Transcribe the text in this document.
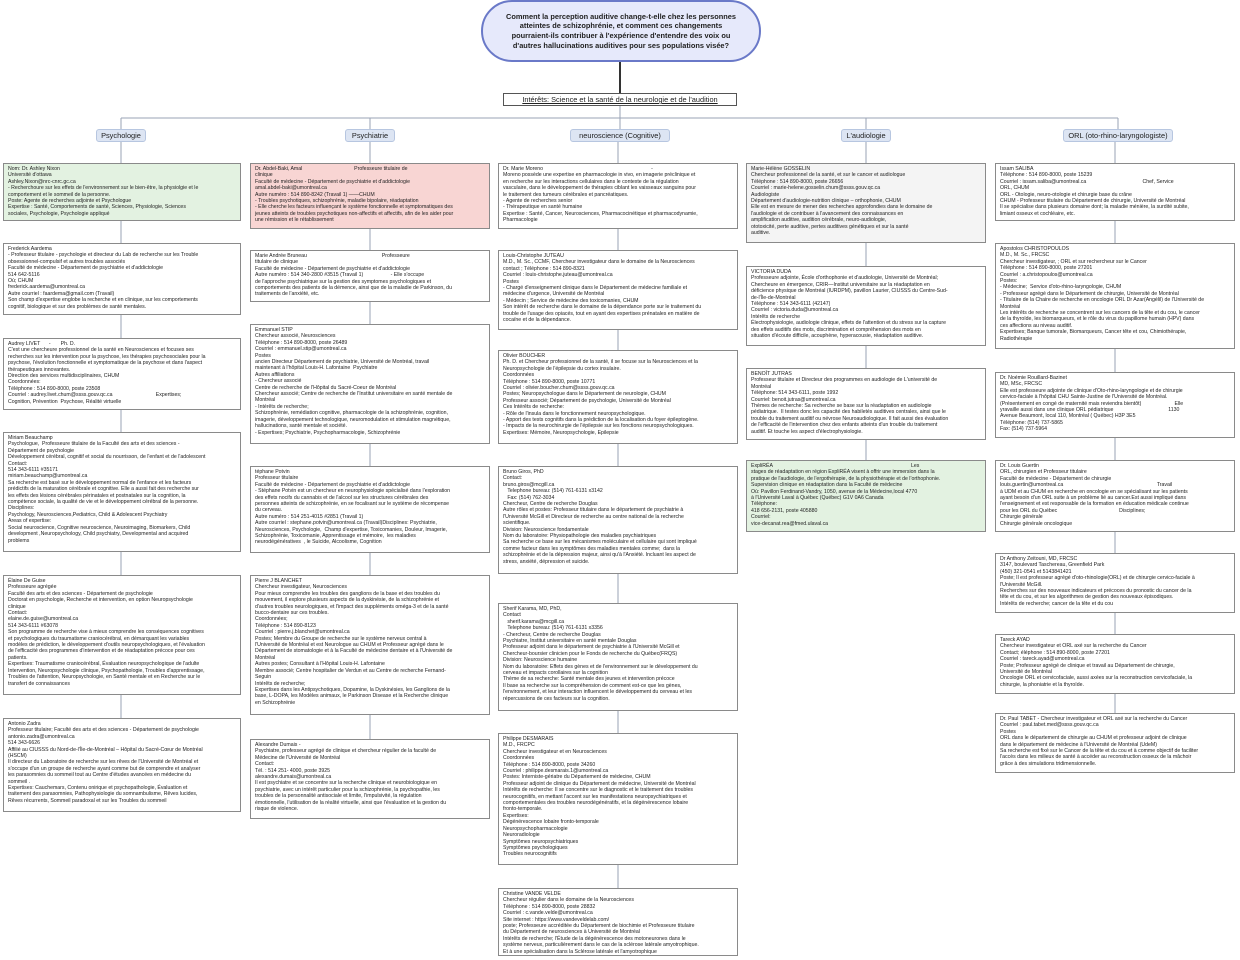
Comment la perception auditive change-t-elle chez les personnes atteintes de schizophrénie, et comment ces changements pourraient-ils contribuer à l'expérience d'entendre des voix ou d'autres hallucinations auditives pour ses populations visée?
Intérêts: Science et la santé de la neurologie et de l'audition
Psychologie	Psychiatrie	neuroscience (Cognitive)	L'audiologie	ORL (oto-rhino-laryngologiste)
Nom: Dr. Ashley Nixon
Université d'ottawa
Ashley.Nixon@nrc-cnrc.gc.ca
- Recherchoure sur les effets de l'environnement sur le bien-être, la physiolgie et le
comportement et le sommeil de la personne.
Poste: Agente de recherches adjointe et Psychologue
Expertise : Santé, Comportements de santé, Sciences, Physiologie, Sciences
sociales, Psychologie, Psychologie appliqué
Frederick Aardema
- Professeur titulaire - psychologie et directeur du Lab de recherche sur les Trouble
obsessionnel-compulsif et autres troubles associés
Faculté de médecine - Département de psychiatrie et d'addictologie
514 642-5116
Où; CHUM
frederick.aardema@umontreal.ca
Autre courriel : faardema@gmail.com (Travail)
Son champ d'expertise englobe la recherche et en clinique, sur les comportements
cognitif, biologique et sur des problèmes de santé mentales.
Audrey LIVET      -       Ph. D.
C'est une chercheure professionnel de la santé en Neurosciences et focuses ses
recherches sur les intervention pour la psychose, les thérapies psychosociales pour la
psychose, l'évolution fonctionnelle et symptomatique de la psychose et dans l'aspect
thérapeutiques innovantes.
Direction des services multidisciplinaires, CHUM
Coordonnées:
Téléphone : 514 890-8000, poste 23508
Courriel : audrey.livet.chum@ssss.gouv.qc.ca                              Expertises;
Cognition, Prévention  Psychose, Réalité virtuelle
Miriam Beauchamp
Psychologue,  Professeure titulaire de la Faculté des arts et des sciences -
Département de psychologie
Développement cérébral, cognitif et social du nourrisson, de l'enfant et de l'adolescent
Contact:
514 343-6111 #35171
miriam.beauchamp@umontreal.ca
Sa recherche est basé sur le développement normal de l'enfance et les facteurs
prédictifs de la maturation cérébrale et cognitive. Elle a aussi fait des recherche sur
les effets des lésions cérébrales périnatales et postnatales sur la cognition, la
compétence sociale, la qualité de vie et le développement cérébral de la personne.
Disciplines:
Psychology, Neurosciences,Pediatrics, Child & Adolescent Psychiatry
Areas of expertise:
Social neuroscience, Cognitive neuroscience, Neuroimaging, Biomarkers, Child
development ,Neuropsychology, Child psychiatry, Developmental and acquired
problems
Élaine De Guise
Professeure agrégée
Faculté des arts et des sciences - Département de psychologie
Doctorat en psychologie, Recherche et intervention, en option Neuropsychologie
clinique
Contact:
elaine.de.guise@umontreal.ca
514 343-6111 #63078
Son programme de recherche vise à mieux comprendre les conséquences cognitives
et psychologiques du traumatisme craniocérébral, en démarquant les variables
modèles de prédiction, le développement d'outils neuropsychologiques, et l'évaluation
de l'efficacité des programmes d'intervention et de réadaptation précoce pour ces
patients.
Expertises: Traumatisme craniocérébral, Évaluation neuropsychologique de l'adulte
Intervention, Neuropsychologie clinique, Psychopathologie, Troubles d'apprentissage,
Troubles de l'attention, Neuropsychologie, en Santé mentale et en Recherche sur le
transfert de connaissances
Antonio Zadra
Professeur titulaire; Faculté des arts et des sciences - Département de psychologie
antonio.zadra@umontreal.ca
514 343-6626
Affilié au CIUSSS du Nord-de-l'Île-de-Montréal – Hôpital du Sacré-Cœur de Montréal
(HSCM)
Il directeur du Laboratoire de recherche sur les rêves de l'Université de Montréal et
s'occupe d'un un groupe de recherche ayant comme but de comprendre et analyser
les parasomnies du sommeil tout au Centre d'études avancées en médecine du
sommeil .
Expertises: Cauchemars, Contenu onirique et psychopathologie, Évaluation et
traitement des parasomnies, Pathophysiologie du somnambulisme, Rêves lucides,
Rêves récurrents, Sommeil paradoxal et sur les Troubles du sommeil
Dr. Abdel-Baki, Amal                                    Professeure titulaire de
clinique
Faculté de médecine - Département de psychiatrie et d'addictologie
amal.abdel-baki@umontreal.ca
Autre numéro : 514 890-8242 (Travail 1) ——CHUM
- Troubles psychotiques, schizophrénie, maladie bipolaire, réadaptation
- Elle cherche les facteurs influençant le système fonctionnelle et symptomatiques des
jeunes atteints de troubles psychotiques non-affectifs et affectifs, afin de les aider pour
une rémission et le rétablissement
Marie Andrée Bruneau                                                    Professeure
titulaire de clinique
Faculté de médecine - Département de psychiatrie et d'addictologie
Autre numéro : 514 340-2800 #3515 (Travail 1)                   - Elle s'occupe
de l'approche psychiatrique sur la gestion des symptomes psychologiques et
comportements des patients de la démence, ainsi que de la maladie de Parkinson, du
traitements de l'anxiété, etc.
Emmanuel STIP
Chercheur associé, Neurosciences
Téléphone : 514 890-8000, poste 26489
Courriel : emmanuel.stip@umontreal.ca
Postes
ancien Directeur Département de psychiatrie, Université de Montréal, travail
maintenant à l'hôpital Louis-H. Lafontaine  Psychiatre
Autres affiliations
- Chercheur associé
Centre de recherche de l'Hôpital du Sacré-Coeur de Montréal
Chercheur associé; Centre de recherche de l'Institut universitaire en santé mentale de
Montréal
- Intérêts de recherche;
Schizophrénie, remédiation cognitive, pharmacologie de la schizophrénie, cognition,
imagerie, développement technologique, neuromodulation et stimulation magnétique,
hallucinations, santé mentale et société.
- Expertises; Psychiatrie, Psychopharmacologie, Schizophrénie
téphane Potvin
Professeur titulaire
Faculté de médecine - Département de psychiatrie et d'addictologie
- Stéphane Potvin est un chercheur en neurophysiologie spécialisé dans l'exploration
des effets nocifs du cannabis et de l'alcool sur les structures cérébrales des
personnes atteints de schizophrénie, en se focalisant sur le système de récompense
du cerveau.
Autre numéro : 514 251-4015 #2851 (Travail 1)
Autre courriel : stephane.potvin@umontreal.ca (Travail)Disciplines: Psychiatrie,
Neurosciences, Psychologie,  Champ d'expertise, Toxicomanies, Douleur, Imagerie,
Schizophrénie, Toxicomanie, Apprentissage et mémoire,  les maladies
neurodégénératives  , le Suicide, Alcoolisme, Cognition
Pierre J BLANCHET
Chercheur investigateur, Neurosciences
Pour mieux comprendre les troubles des ganglions de la base et des troubles du
mouvement, il explore plusieurs aspects de la dyskinésie, de la schizophrénie et
d'autres troubles neurologiques, et l'impact des suppléments oméga-3 et de la santé
bucco-dentaire sur ces troubles.
Coordonnées;
Téléphone : 514 890-8123
Courriel : pierre.j.blanchet@umontreal.ca
Postes; Membre du Groupe de recherche sur le système nerveux central à
l'Université de Montréal et est Neurologue au CHUM et Professeur agrégé dans le
Département de stomatologie et à la Faculté de médecine dentaire et à l'Université de
Montréal
Autres postes; Consultant à l'Hôpital Louis-H. Lafontaine
Membre associé; Centre hospitalier de Verdun et au Centre de recherche Fernand-
Seguin
Intérêts de recherche;
Expertises dans les Antipsychotiques, Dopamine, la Dyskinésies, les Ganglions de la
base, L-DOPA, les Modèles animaux, le Parkinson Disease et la Recherche clinique
en Schizophrénie
Alexandre Dumais -
Psychiatre, professeur agrégé de clinique et chercheur régulier de la faculté de
Médecine de l'Université de Montréal
Contact:
Tél. : 514 251- 4000, poste 3925
alexandre.dumais@umontreal.ca
Il est psychiatre et se concentre sur la recherche clinique et neurobiologique en
psychiatrie, avec un intérêt particulier pour la schizophrénie, la psychopathie, les
troubles de la personnalité antisociale et limite, l'impulsivité, la régulation
émotionnelle, l'utilisation de la réalité virtuelle, ainsi que l'évaluation et la gestion du
risque de violence.
Dr. Marie Moreno                                                                           -
Moreno possède une expertise en pharmacologie in vivo, en imagerie préclinique et
en recherche sur les interactions cellulaires dans le contexte de la régulation
vasculaire, dans le développement de thérapies ciblant les vaisseaux sanguins pour
le traitement des tumeurs cérébrales et pancréatiques.
- Agente de recherches senior
- Thérapeutique en santé humaine
Expertise : Santé, Cancer, Neurosciences, Pharmacocinétique et pharmacodynamie,
Pharmacologie
Louis-Christophe JUTEAU
M.D., M. Sc., CCMF, Chercheur investigateur dans le domaine de la Neurosciences
contact ; Téléphone : 514 890-8321
Courriel : louis-christophe.juteau@umontreal.ca
Postes
- Chargé d'enseignement clinique dans le Département de médecine familiale et
médecine d'urgence, Université de Montréal
- Médecin ; Service de médecine des toxicomanies, CHUM
Son intérêt de recherche dans le domaine de la dépendance porte sur le traitement du
trouble de l'usage des opiacés, tout en ayant des expertises prénatales en matière de
cocaïne et de la dépendance.
Olivier BOUCHER
Ph. D. et Chercheur professionnel de la santé, il se focuse sur la Neurosciences et la
Neuropsychologie de l'épilepsie du cortex insulaire.
Coordonnées
Téléphone : 514 890-8000, poste 10771
Courriel : olivier.boucher.chum@ssss.gouv.qc.ca
Postes; Neuropsychologue dans le Département de neurologie, CHUM
Professeur associé; Département de psychologie, Université de Montréal
Ces Intérêts de recherche:
- Rôle de l'insula dans le fonctionnement neuropsychologique.
- Apport des tests cognitifs dans la prédiction de la localisation du foyer épileptogène.
- Impacts de la neurochirurgie de l'épilepsie sur les fonctions neuropsychologiques.
Expertises: Mémoire, Neuropsychologie, Epilepsie
Bruno Giros, PhD
Contact:
bruno.giros@mcgill.ca
Telephone bureau: (514) 761-6131 x3142
Fax: (514) 762-3034
Chercheur, Centre de recherche Douglas
Autre rôles et postes: Professeur titulaire dans le département de psychiatrie à
l'Université McGill et Directeur de recherche au centre national de la recherche
scientifique.
Division: Neuroscience fondamentale
Nom du laboratoire: Physiopathologie des maladies psychiatriques
Sa recherche ce base sur les mécanismes moléculaire et cellulaire qui sont impliqué
comme facteur dans les symptômes des maladies mentales comme;  dans la
schizophrénie et de la dépression majeur, ainsi qu'à l'Anxiété. Incluant les aspect de
stress, anxiété, dépression et suicide.
Sherif Karama, MD, PhD,
Contact
sherif.karama@mcgill.ca
Telephone bureau: (514) 761-6131 x3356
- Chercheur, Centre de recherche Douglas
Psychiatre, Institut universitaire en santé mentale Douglas
Professeur adjoint dans le département de psychiatrie à l'Université McGill et
Chercheur-boursier clinicien pour le Fonds de recherche du Québec(FRQS)
Division: Neuroscience humaine
Nom du laboratoire: Effets des gènes et de l'environnement sur le développement du
cerveau et impacts corollaires sur la cognition
Thème de sa recherche: Santé mentale des jeunes et intervention précoce
Il base sa recherche sur la compréhension de comment est-ce que les gènes,
l'environnement, et leur interaction influencent le développement du cerveau et les
répercussions de ces facteurs sur la cognition.
Philippe DESMARAIS
M.D., FRCPC
Chercheur investigateur et en Neurosciences
Coordonnées
Téléphone : 514 890-8000, poste 34260
Courriel : philippe.desmarais.1@umontreal.ca
Postes: Interniste-gériatre du Département de médecine, CHUM
Professeur adjoint de clinique du Département de médecine, Université de Montréal
Intérêts de recherche: Il se concentre sur le diagnostic et le traitement des troubles
neurocognitifs, en mettant l'accent sur les manifestations neuropsychiatriques et
comportementales des troubles neurodégénératifs, et la dégénérescence lobaire
fronto-temporale.
Expertises:
Dégénérescence lobaire fronto-temporale
Neuropsychopharmacologie
Neuroradiologie
Symptômes neuropsychiatriques
Symptômes psychologiques
Troubles neurocognitifs
Christine VANDE VELDE
Chercheur régulier dans le domaine de la Neurosciences
Téléphone : 514 890-8000, poste 28832
Courriel : c.vande.velde@umontreal.ca
Site internet : https://www.vandeveldelab.com/
poste; Professeure accréditée du Département de biochimie et Professeure titulaire
du Département de neurosciences à Université de Montréal
Intérêts de recherche; l'Étude de la dégénérescence des motoneurones dans le
système nerveux, particulièrement dans le cas de la sclérose latérale amyotrophique.
Et à une spécialisation dans la Sclérose latérale et l'amyotrophique
Marie-Hélène GOSSELIN
Chercheur professionnel de la santé, et sur le cancer et audiologue
Téléphone : 514 890-8000, poste 26656
Courriel : marie-helene.gosselin.chum@ssss.gouv.qc.ca
Audiologiste
Département d'audiologie-nutrition clinique – orthophonie, CHUM
Elle est en mesure de mener des recherches approfondies dans le domaine de
l'audiologie et de contribuer à l'avancement des connaissances en
amplification auditive, audition cérébrale, neuro-audiologie,
ototoxicité, perte auditive, pertes auditives génétiques et sur la santé
auditive.
VICTORIA DUDA
Professeure adjointe, École d'orthophonie et d'audiologie, Université de Montréal;
Chercheure en émergence, CRIR—Institut universitaire sur la réadaptation en
déficience physique de Montréal (IURDPM), pavillon Laurier, CIUSSS du Centre-Sud-
de-l'Île-de-Montréal
Téléphone : 514 343-6111 (42147)
Courriel : victoria.duda@umontreal.ca
Intérêts de recherche
Électrophysiologie, audiologie clinique, effets de l'attention et du stress sur la capture
des effets auditifs des mots, discrimination et compréhension des mots en
situation d'écoute difficile, acouphène, hyperacousie, réadaptation auditive.
BENOÎT JUTRAS
Professeur titulaire et Directeur des programmes en audiologie de L'université de
Montréal
Téléphone: 514 343-6111, poste 1992
Courriel: benoit.jutras@umontreal.ca
Thèmes de recherche: Sa recherche se base sur la réadaptation en audiologie
pédiatrique.  Il testes donc les capacité des habiletés auditives centrales, ainsi que le
trouble du traitement auditif ou névrose Neuroaudiologique. Il fait aussi des évaluation
de l'efficacité de l'intervention chez des enfants atteints d'un trouble du traitement
auditif. Et touche les aspect d'électrophysiologie.
ExpliRÉA                                                                                                Les
stages de réadaptation en région ExpliRÉA visent à offrir une immersion dans la
pratique de l'audiologie, de l'ergothérapie, de la physiothérapie et de l'orthophonie.
Supervision clinique en réadaptation dans la Faculté de médecine
Où: Pavillon Ferdinand-Vandry, 1050, avenue de la Médecine,local 4770
à l'Université Laval à Québec (Québec) G1V 0A6 Canada
Téléphone:
418 656-2131, poste 405880
Courriel:
vice-decanat.rea@fmed.ulaval.ca
Issam SALIBA
Téléphone : 514 890-8000, poste 15239
Courriel : issam.saliba@umontreal.ca                                       Chef, Service
ORL, CHUM
ORL - Otologie, neuro-otologie et chirurgie base du crâne
CHUM - Professeur titulaire du Département de chirurgie, Université de Montréal
Il se spécialise dans plusieurs domaine dont; la maladie ménière, la surdité subite,
limiant osseux et cochléaire, etc.
Apostolos CHRISTOPOULOS
M.D., M. Sc., FRCSC
Chercheur investigateur, ; ORL et sur rechercheur sur le Cancer
Téléphone : 514 890-8000, poste 27201
Courriel : a.christopoulos@umontreal.ca
Postes:
- Médecine;  Service d'oto-rhino-laryngologie, CHUM
- Professeur agrégé dans le Département de chirurgie, Université de Montréal
- Titulaire de la Chaire de recherche en oncologie ORL Dr Azar(Angélil) de l'Université de
Montréal
Les intérêts de recherche se concentrent sur les cancers de la tête et du cou, le cancer
de la thyroïde, les biomarqueurs, et le rôle du virus du papillome humain (HPV) dans
ces affections au niveau auditif.
Expertises; Banque tumorale, Biomarqueurs, Cancer tête et cou, Chimiothérapie,
Radiothérapie
Dr. Noémie Rouillard-Bazinet
MD, MSc, FRCSC
Elle est professeure adjointe de clinique d'Oto-rhino-laryngologie et de chirurgie
cervico-faciale à l'hôpital CHU Sainte-Justine de l'Université de Montréal.
(Présentement en congé de maternité mais reviendra bientôt)                       Elle
yravaille aussi dans une clinique ORL pédiatrique                                      1130
Avenue Beaumont, local 110, Montréal ( Québec) H3P 3E5
Téléphone: (514) 737-5865
Fax: (514) 737-5964
Dr. Louis Guertin
ORL, chirurgien et Professeur titulaire
Faculté de médecine - Département de chirurgie
louis.guertin@umontreal.ca                                                                 Travail
à UDM et au CHUM en recherche en oncologie en se spécialisant sur les patients
ayant besoin d'un ORL suite à un problème lié au cancer.Est aussi impliqué dans
l'enseignement et est responsable de la formation en éducation médicale continue
pour les ORL du Québec                                           Disciplines;
Chirurgie générale
Chirurgie générale oncologique
Dr Anthony Zeitouni, MD, FRCSC
3147, boulevard Taschereau, Greenfield Park
(450) 321-0541 et 5143841421
Poste; Il est professeur agrégé d'oto-rhinologie(ORL) et de chirurgie cervico-faciale à
l'Université McGill.
Recherches sur des nouveaux indicateurs et précoces du pronostic du cancer de la
tête et du cou, et sur les algorithmes de gestion des nouveaux épisodiques.
Intérêts de recherche; cancer de la tête et du cou
Tareck AYAD
Chercheur investigateur et ORL axé sur la recherche du Cancer
Contact; éléphone : 514 890-8000, poste 27201
Courriel : tareck.ayad@umontreal.ca
Poste; Professeur agrégé de clinique et travail au Département de chirurgie,
Université de Montréal
Oncologie ORL et cervicofaciale, aussi axées sur la reconstruction cervicofaciale, la
chirurgie, la phoniatrie et la thyroïde.
Dr. Paul TABET - Chercheur investigateur et ORL axé sur la recherche du Cancer
Courriel : paul.tabet.med@ssss.gouv.qc.ca
Postes
ORL dans le département de chirurgie au CHUM et professeur adjoint de clinique
dans le département de médecine à l'Université de Montréal (UdeM)
Sa recherche est fixé sur le Cancer de la tête et du cou et à comme objectif de faciliter
l'accès dans les milieux de santé à accéder au reconstruction osseux de la mâchoir
grâce à des simulations tridimensionnelle.
